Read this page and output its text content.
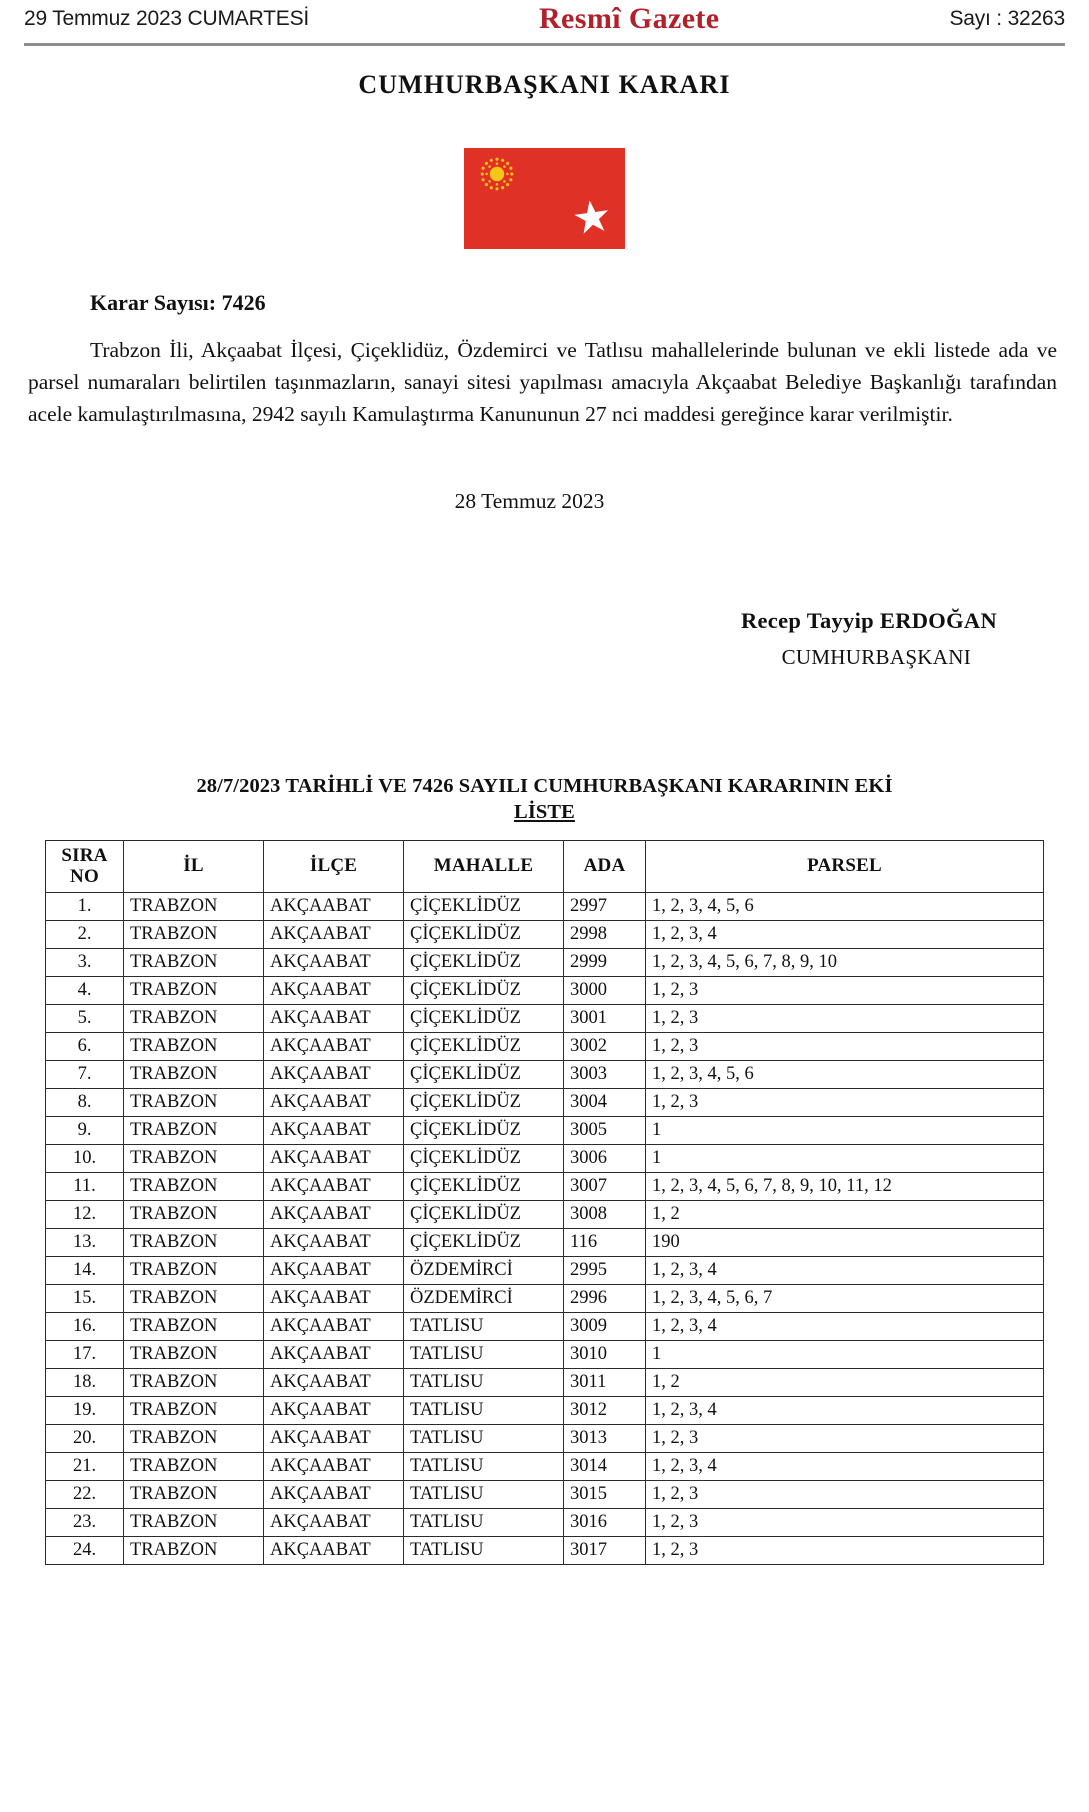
29 Temmuz 2023 CUMARTESİ	Resmî Gazete	Sayı : 32263
CUMHURBAŞKANI KARARI
Karar Sayısı: 7426

Trabzon İli, Akçaabat İlçesi, Çiçeklidüz, Özdemirci ve Tatlısu mahallelerinde bulunan ve ekli listede ada ve parsel numaraları belirtilen taşınmazların, sanayi sitesi yapılması amacıyla Akçaabat Belediye Başkanlığı tarafından acele kamulaştırılmasına, 2942 sayılı Kamulaştırma Kanununun 27 nci maddesi gereğince karar verilmiştir.

28 Temmuz 2023
Recep Tayyip ERDOĞAN
CUMHURBAŞKANI
28/7/2023 TARİHLİ VE 7426 SAYILI CUMHURBAŞKANI KARARININ EKİ
LİSTE
SIRA
NO	İL	İLÇE	MAHALLE	ADA	PARSEL
1.	TRABZON	AKÇAABAT	ÇİÇEKLİDÜZ	2997	1, 2, 3, 4, 5, 6
2.	TRABZON	AKÇAABAT	ÇİÇEKLİDÜZ	2998	1, 2, 3, 4
3.	TRABZON	AKÇAABAT	ÇİÇEKLİDÜZ	2999	1, 2, 3, 4, 5, 6, 7, 8, 9, 10
4.	TRABZON	AKÇAABAT	ÇİÇEKLİDÜZ	3000	1, 2, 3
5.	TRABZON	AKÇAABAT	ÇİÇEKLİDÜZ	3001	1, 2, 3
6.	TRABZON	AKÇAABAT	ÇİÇEKLİDÜZ	3002	1, 2, 3
7.	TRABZON	AKÇAABAT	ÇİÇEKLİDÜZ	3003	1, 2, 3, 4, 5, 6
8.	TRABZON	AKÇAABAT	ÇİÇEKLİDÜZ	3004	1, 2, 3
9.	TRABZON	AKÇAABAT	ÇİÇEKLİDÜZ	3005	1
10.	TRABZON	AKÇAABAT	ÇİÇEKLİDÜZ	3006	1
11.	TRABZON	AKÇAABAT	ÇİÇEKLİDÜZ	3007	1, 2, 3, 4, 5, 6, 7, 8, 9, 10, 11, 12
12.	TRABZON	AKÇAABAT	ÇİÇEKLİDÜZ	3008	1, 2
13.	TRABZON	AKÇAABAT	ÇİÇEKLİDÜZ	116	190
14.	TRABZON	AKÇAABAT	ÖZDEMİRCİ	2995	1, 2, 3, 4
15.	TRABZON	AKÇAABAT	ÖZDEMİRCİ	2996	1, 2, 3, 4, 5, 6, 7
16.	TRABZON	AKÇAABAT	TATLISU	3009	1, 2, 3, 4
17.	TRABZON	AKÇAABAT	TATLISU	3010	1
18.	TRABZON	AKÇAABAT	TATLISU	3011	1, 2
19.	TRABZON	AKÇAABAT	TATLISU	3012	1, 2, 3, 4
20.	TRABZON	AKÇAABAT	TATLISU	3013	1, 2, 3
21.	TRABZON	AKÇAABAT	TATLISU	3014	1, 2, 3, 4
22.	TRABZON	AKÇAABAT	TATLISU	3015	1, 2, 3
23.	TRABZON	AKÇAABAT	TATLISU	3016	1, 2, 3
24.	TRABZON	AKÇAABAT	TATLISU	3017	1, 2, 3
